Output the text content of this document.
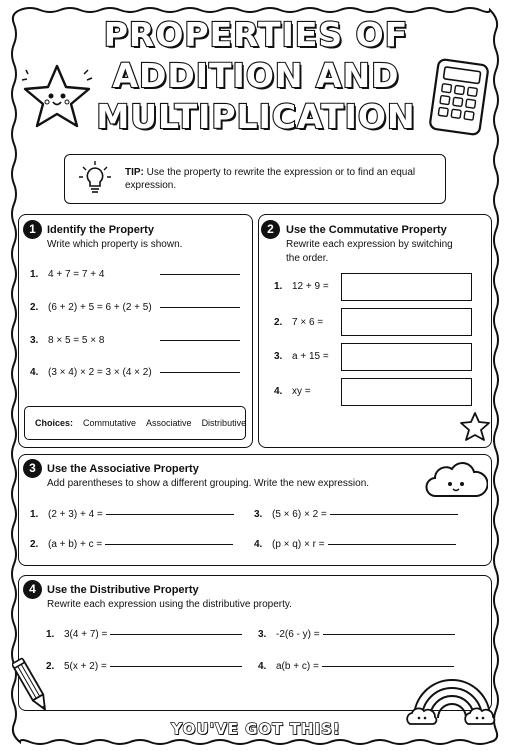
PROPERTIES OF
ADDITION AND
MULTIPLICATION
TIP: Use the property to rewrite the expression or to find an equal expression.
1	Identify the Property
Write which property is shown.
1. 4 + 7 = 7 + 4
2. (6 + 2) + 5 = 6 + (2 + 5)
3. 8 × 5 = 5 × 8
4. (3 × 4) × 2 = 3 × (4 × 2)
Choices: Commutative Associative Distributive
2	Use the Commutative Property
Rewrite each expression by switching
the order.
1. 12 + 9 =
2. 7 × 6 =
3. a + 15 =
4. xy =
3	Use the Associative Property
Add parentheses to show a different grouping. Write the new expression.
1. (2 + 3) + 4 =	3. (5 × 6) × 2 =
2. (a + b) + c =	4. (p × q) × r =
4	Use the Distributive Property
Rewrite each expression using the distributive property.
1. 3(4 + 7) =	3. -2(6 - y) =
2. 5(x + 2) =	4. a(b + c) =
YOU'VE GOT THIS!
